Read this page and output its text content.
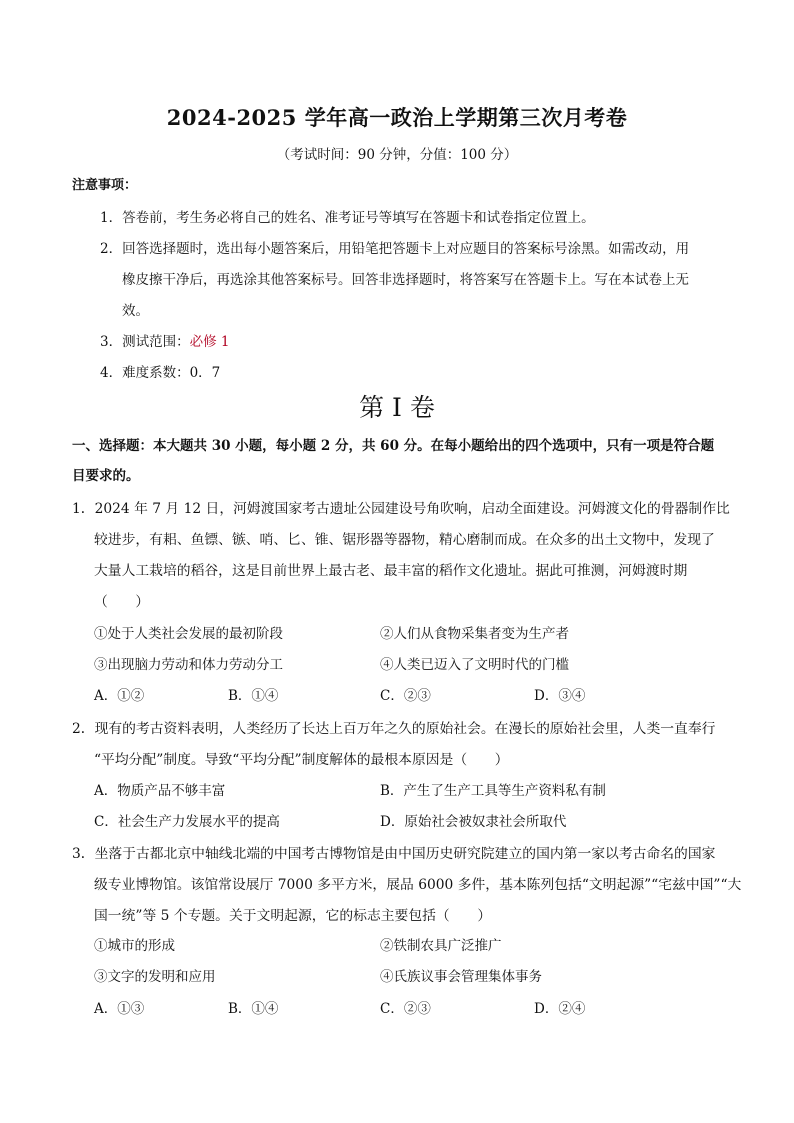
2024-2025 学年高一政治上学期第三次月考卷
（考试时间：90 分钟，分值：100 分）
注意事项：
1．答卷前，考生务必将自己的姓名、准考证号等填写在答题卡和试卷指定位置上。
2．回答选择题时，选出每小题答案后，用铅笔把答题卡上对应题目的答案标号涂黑。如需改动，用
橡皮擦干净后，再选涂其他答案标号。回答非选择题时，将答案写在答题卡上。写在本试卷上无
效。
3．测试范围：必修 1
4．难度系数：0．7
第 I 卷
一、选择题：本大题共 30 小题，每小题 2 分，共 60 分。在每小题给出的四个选项中，只有一项是符合题
目要求的。
1．2024 年 7 月 12 日，河姆渡国家考古遗址公园建设号角吹响，启动全面建设。河姆渡文化的骨器制作比
较进步，有耜、鱼镖、镞、哨、匕、锥、锯形器等器物，精心磨制而成。在众多的出土文物中，发现了
大量人工栽培的稻谷，这是目前世界上最古老、最丰富的稻作文化遗址。据此可推测，河姆渡时期
（　　）
①处于人类社会发展的最初阶段	②人们从食物采集者变为生产者
③出现脑力劳动和体力劳动分工	④人类已迈入了文明时代的门槛
A．①②	B．①④	C．②③	D．③④
2．现有的考古资料表明，人类经历了长达上百万年之久的原始社会。在漫长的原始社会里，人类一直奉行
“平均分配”制度。导致“平均分配”制度解体的最根本原因是（　　）
A．物质产品不够丰富	B．产生了生产工具等生产资料私有制
C．社会生产力发展水平的提高	D．原始社会被奴隶社会所取代
3．坐落于古都北京中轴线北端的中国考古博物馆是由中国历史研究院建立的国内第一家以考古命名的国家
级专业博物馆。该馆常设展厅 7000 多平方米，展品 6000 多件，基本陈列包括“文明起源”“宅兹中国”“大
国一统”等 5 个专题。关于文明起源，它的标志主要包括（　　）
①城市的形成	②铁制农具广泛推广
③文字的发明和应用	④氏族议事会管理集体事务
A．①③	B．①④	C．②③	D．②④
